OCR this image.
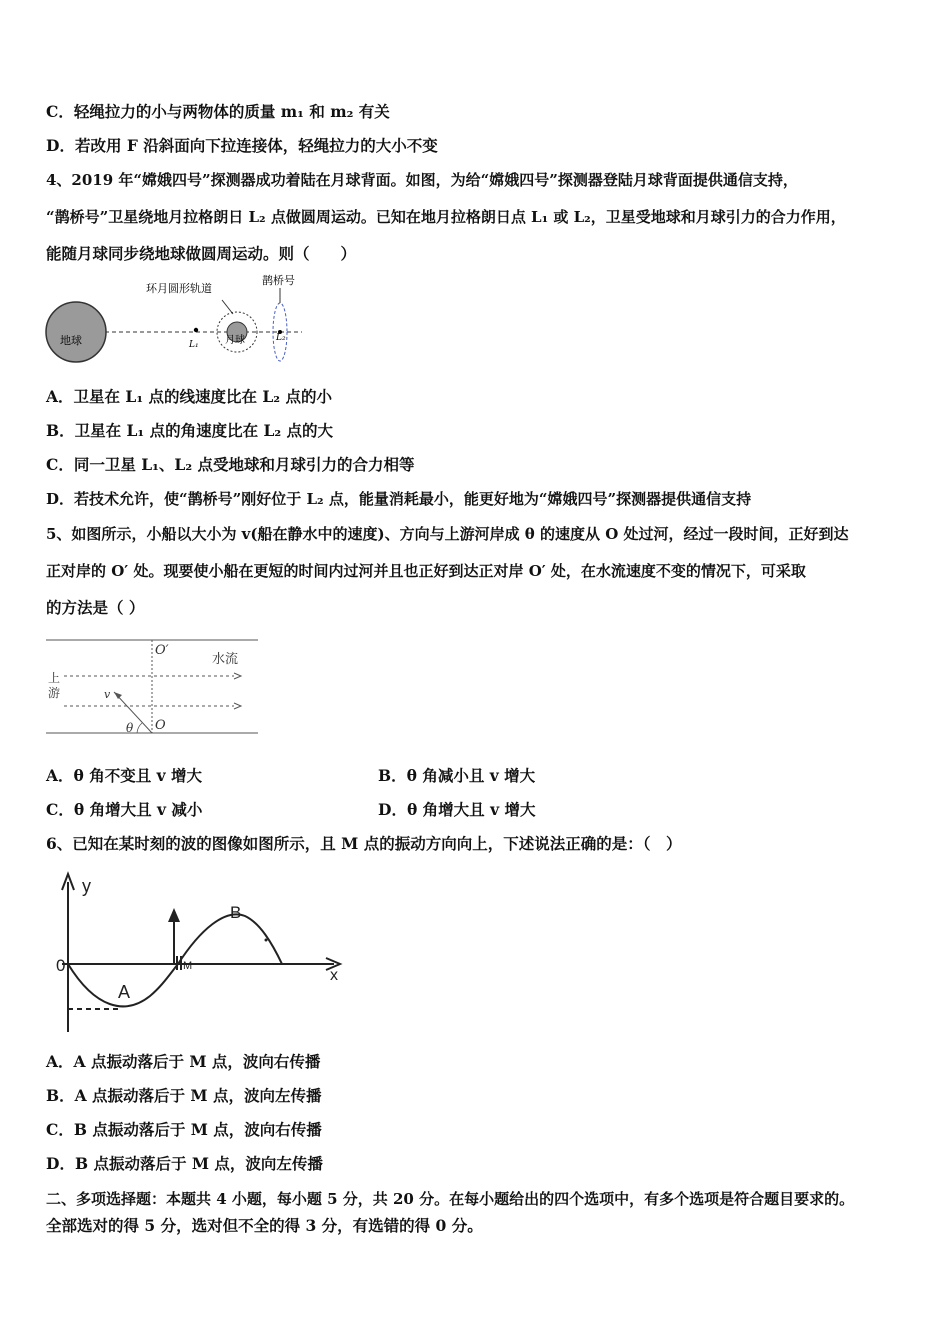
C．轻绳拉力的小与两物体的质量 m₁ 和 m₂ 有关
D．若改用 F 沿斜面向下拉连接体，轻绳拉力的大小不变
4、2019 年“嫦娥四号”探测器成功着陆在月球背面。如图，为给“嫦娥四号”探测器登陆月球背面提供通信支持，
“鹊桥号”卫星绕地月拉格朗日 L₂ 点做圆周运动。已知在地月拉格朗日点 L₁ 或 L₂，卫星受地球和月球引力的合力作用，
能随月球同步绕地球做圆周运动。则（　　）
地球	L₁	月球
环月圆形轨道
L₂
鹊桥号
A．卫星在 L₁ 点的线速度比在 L₂ 点的小
B．卫星在 L₁ 点的角速度比在 L₂ 点的大
C．同一卫星 L₁、L₂ 点受地球和月球引力的合力相等
D．若技术允许，使“鹊桥号”刚好位于 L₂ 点，能量消耗最小，能更好地为“嫦娥四号”探测器提供通信支持
5、如图所示，小船以大小为 v(船在静水中的速度)、方向与上游河岸成 θ 的速度从 O 处过河，经过一段时间，正好到达
正对岸的 O′ 处。现要使小船在更短的时间内过河并且也正好到达正对岸 O′ 处，在水流速度不变的情况下，可采取
的方法是（ ）
O′
水流
上
游	v
θ O
A．θ 角不变且 v 增大	B．θ 角减小且 v 增大
C．θ 角增大且 v 减小	D．θ 角增大且 v 增大
6、已知在某时刻的波的图像如图所示，且 M 点的振动方向向上，下述说法正确的是：（　）
y
x
0
A
B
M
A．A 点振动落后于 M 点，波向右传播
B．A 点振动落后于 M 点，波向左传播
C．B 点振动落后于 M 点，波向右传播
D．B 点振动落后于 M 点，波向左传播
二、多项选择题：本题共 4 小题，每小题 5 分，共 20 分。在每小题给出的四个选项中，有多个选项是符合题目要求的。
全部选对的得 5 分，选对但不全的得 3 分，有选错的得 0 分。
